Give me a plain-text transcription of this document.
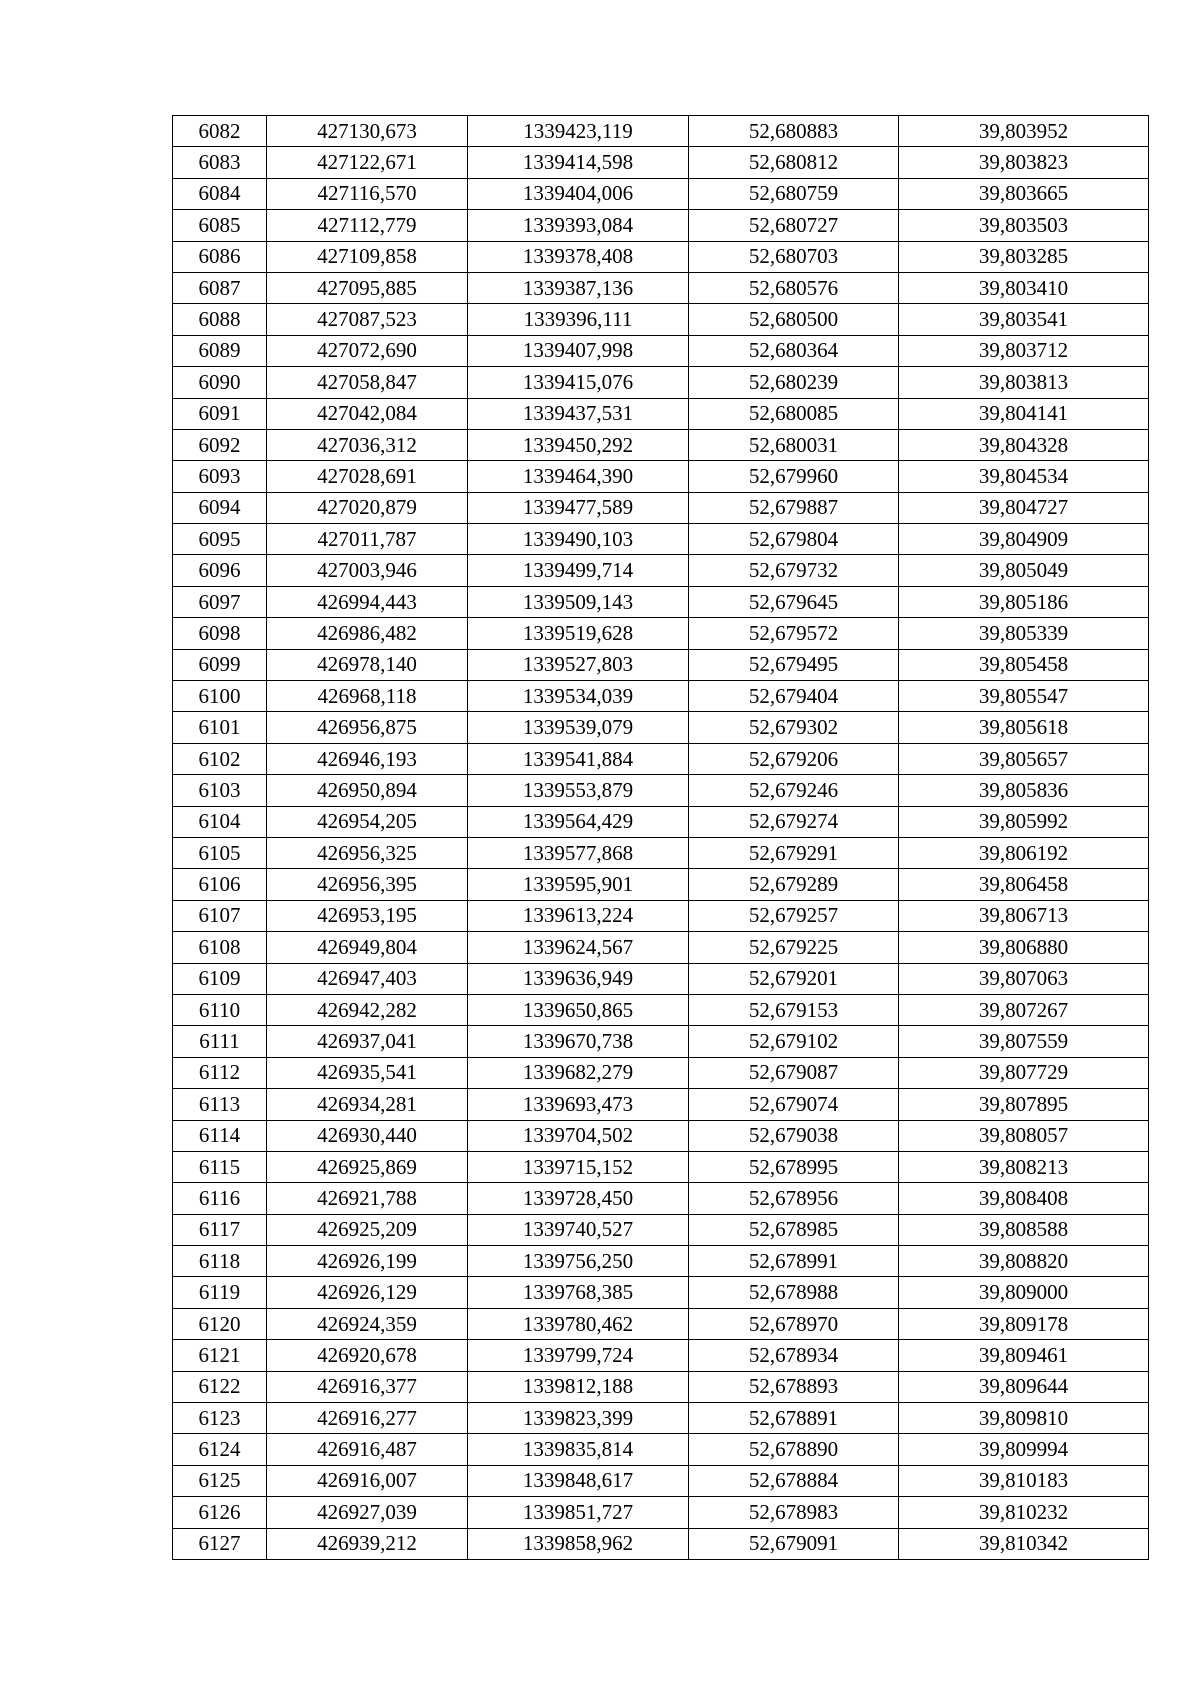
6082	427130,673	1339423,119	52,680883	39,803952
6083	427122,671	1339414,598	52,680812	39,803823
6084	427116,570	1339404,006	52,680759	39,803665
6085	427112,779	1339393,084	52,680727	39,803503
6086	427109,858	1339378,408	52,680703	39,803285
6087	427095,885	1339387,136	52,680576	39,803410
6088	427087,523	1339396,111	52,680500	39,803541
6089	427072,690	1339407,998	52,680364	39,803712
6090	427058,847	1339415,076	52,680239	39,803813
6091	427042,084	1339437,531	52,680085	39,804141
6092	427036,312	1339450,292	52,680031	39,804328
6093	427028,691	1339464,390	52,679960	39,804534
6094	427020,879	1339477,589	52,679887	39,804727
6095	427011,787	1339490,103	52,679804	39,804909
6096	427003,946	1339499,714	52,679732	39,805049
6097	426994,443	1339509,143	52,679645	39,805186
6098	426986,482	1339519,628	52,679572	39,805339
6099	426978,140	1339527,803	52,679495	39,805458
6100	426968,118	1339534,039	52,679404	39,805547
6101	426956,875	1339539,079	52,679302	39,805618
6102	426946,193	1339541,884	52,679206	39,805657
6103	426950,894	1339553,879	52,679246	39,805836
6104	426954,205	1339564,429	52,679274	39,805992
6105	426956,325	1339577,868	52,679291	39,806192
6106	426956,395	1339595,901	52,679289	39,806458
6107	426953,195	1339613,224	52,679257	39,806713
6108	426949,804	1339624,567	52,679225	39,806880
6109	426947,403	1339636,949	52,679201	39,807063
6110	426942,282	1339650,865	52,679153	39,807267
6111	426937,041	1339670,738	52,679102	39,807559
6112	426935,541	1339682,279	52,679087	39,807729
6113	426934,281	1339693,473	52,679074	39,807895
6114	426930,440	1339704,502	52,679038	39,808057
6115	426925,869	1339715,152	52,678995	39,808213
6116	426921,788	1339728,450	52,678956	39,808408
6117	426925,209	1339740,527	52,678985	39,808588
6118	426926,199	1339756,250	52,678991	39,808820
6119	426926,129	1339768,385	52,678988	39,809000
6120	426924,359	1339780,462	52,678970	39,809178
6121	426920,678	1339799,724	52,678934	39,809461
6122	426916,377	1339812,188	52,678893	39,809644
6123	426916,277	1339823,399	52,678891	39,809810
6124	426916,487	1339835,814	52,678890	39,809994
6125	426916,007	1339848,617	52,678884	39,810183
6126	426927,039	1339851,727	52,678983	39,810232
6127	426939,212	1339858,962	52,679091	39,810342
